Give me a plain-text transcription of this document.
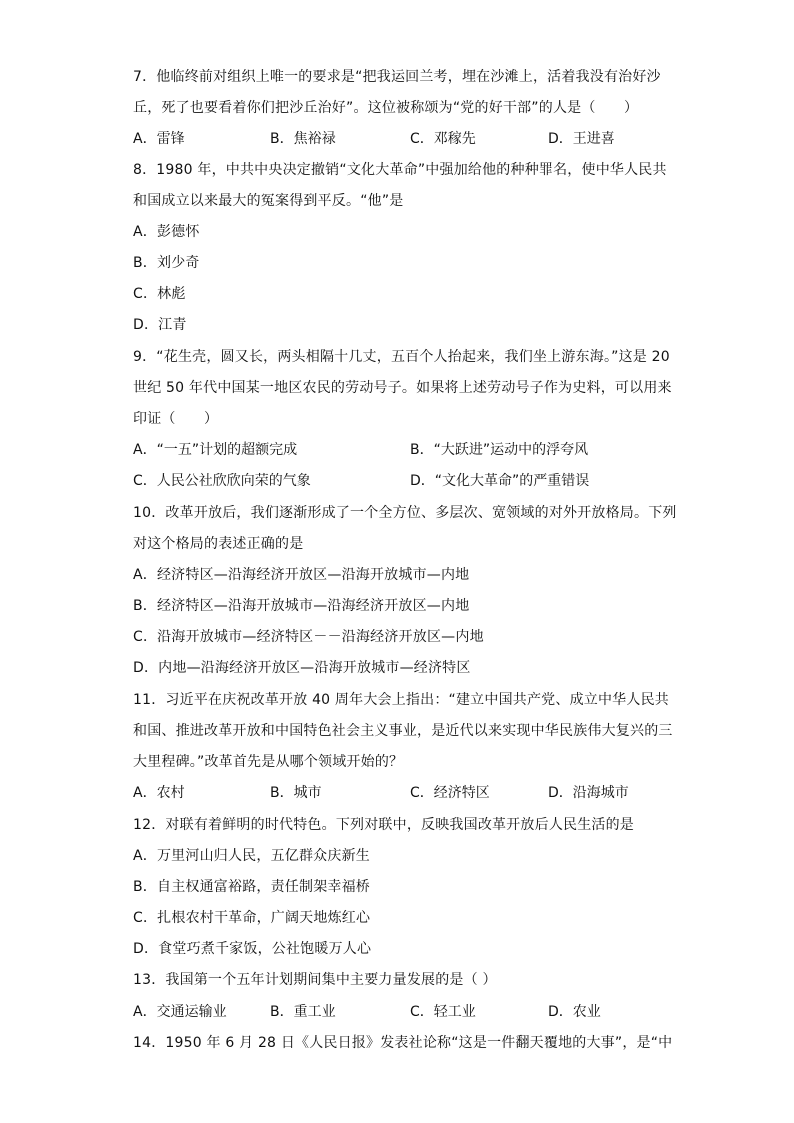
7．他临终前对组织上唯一的要求是“把我运回兰考，埋在沙滩上，活着我没有治好沙
丘，死了也要看着你们把沙丘治好”。这位被称颂为“党的好干部”的人是（　　）
A．雷锋	B．焦裕禄	C．邓稼先	D．王进喜
8．1980 年，中共中央决定撤销“文化大革命”中强加给他的种种罪名，使中华人民共
和国成立以来最大的冤案得到平反。“他”是
A．彭德怀
B．刘少奇
C．林彪
D．江青
9．“花生壳，圆又长，两头相隔十几丈，五百个人抬起来，我们坐上游东海。”这是 20
世纪 50 年代中国某一地区农民的劳动号子。如果将上述劳动号子作为史料，可以用来
印证（　　）
A．“一五”计划的超额完成	B．“大跃进”运动中的浮夸风
C．人民公社欣欣向荣的气象	D．“文化大革命”的严重错误
10．改革开放后，我们逐渐形成了一个全方位、多层次、宽领域的对外开放格局。下列
对这个格局的表述正确的是
A．经济特区—沿海经济开放区—沿海开放城市—内地
B．经济特区—沿海开放城市—沿海经济开放区—内地
C．沿海开放城市—经济特区－－沿海经济开放区—内地
D．内地—沿海经济开放区—沿海开放城市—经济特区
11．习近平在庆祝改革开放 40 周年大会上指出：“建立中国共产党、成立中华人民共
和国、推进改革开放和中国特色社会主义事业，是近代以来实现中华民族伟大复兴的三
大里程碑。”改革首先是从哪个领域开始的？
A．农村	B．城市	C．经济特区	D．沿海城市
12．对联有着鲜明的时代特色。下列对联中，反映我国改革开放后人民生活的是
A．万里河山归人民，五亿群众庆新生
B．自主权通富裕路，责任制架幸福桥
C．扎根农村干革命，广阔天地炼红心
D．食堂巧煮千家饭，公社饱暖万人心
13．我国第一个五年计划期间集中主要力量发展的是（ ）
A．交通运输业	B．重工业	C．轻工业	D．农业
14．1950 年 6 月 28 日《人民日报》发表社论称“这是一件翻天覆地的大事”，是“中
